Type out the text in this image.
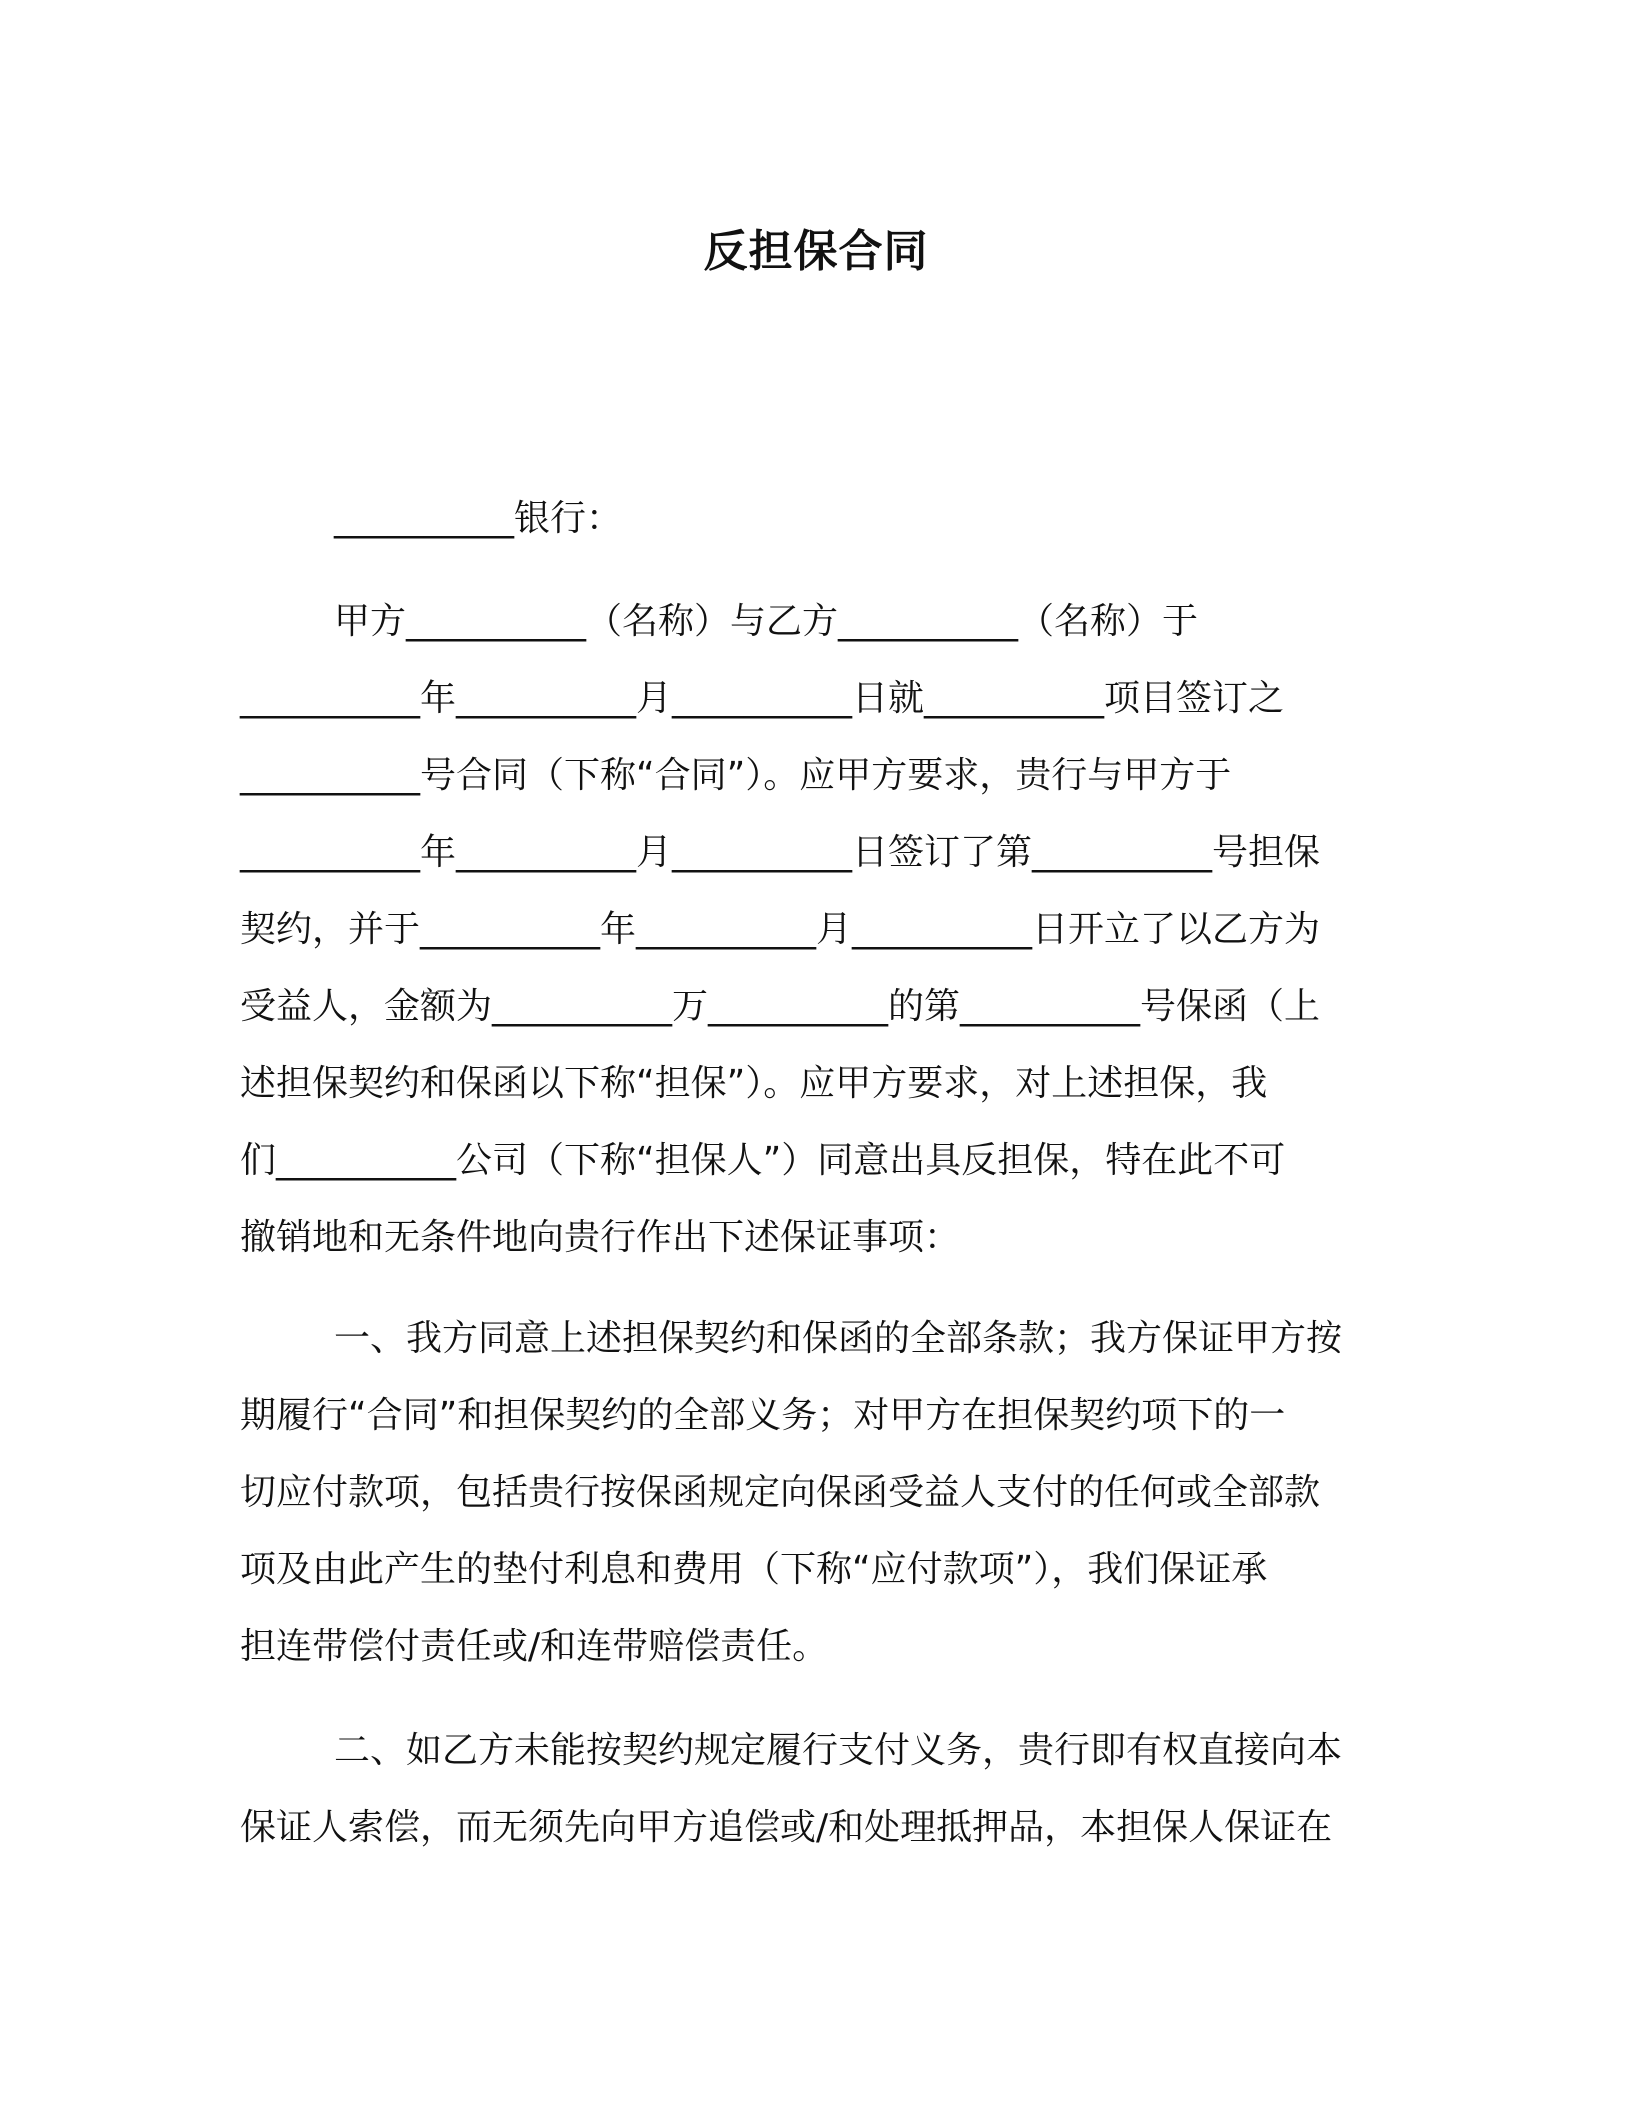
反担保合同
__________银行：
甲方__________（名称）与乙方__________（名称）于
__________年__________月__________日就__________项目签订之
__________号合同（下称“合同”）。应甲方要求，贵行与甲方于
__________年__________月__________日签订了第__________号担保
契约，并于__________年__________月__________日开立了以乙方为
受益人，金额为__________万__________的第__________号保函（上
述担保契约和保函以下称“担保”）。应甲方要求，对上述担保，我
们__________公司（下称“担保人”）同意出具反担保，特在此不可
撤销地和无条件地向贵行作出下述保证事项：
一、我方同意上述担保契约和保函的全部条款；我方保证甲方按
期履行“合同”和担保契约的全部义务；对甲方在担保契约项下的一
切应付款项，包括贵行按保函规定向保函受益人支付的任何或全部款
项及由此产生的垫付利息和费用（下称“应付款项”），我们保证承
担连带偿付责任或/和连带赔偿责任。
二、如乙方未能按契约规定履行支付义务，贵行即有权直接向本
保证人索偿，而无须先向甲方追偿或/和处理抵押品，本担保人保证在
